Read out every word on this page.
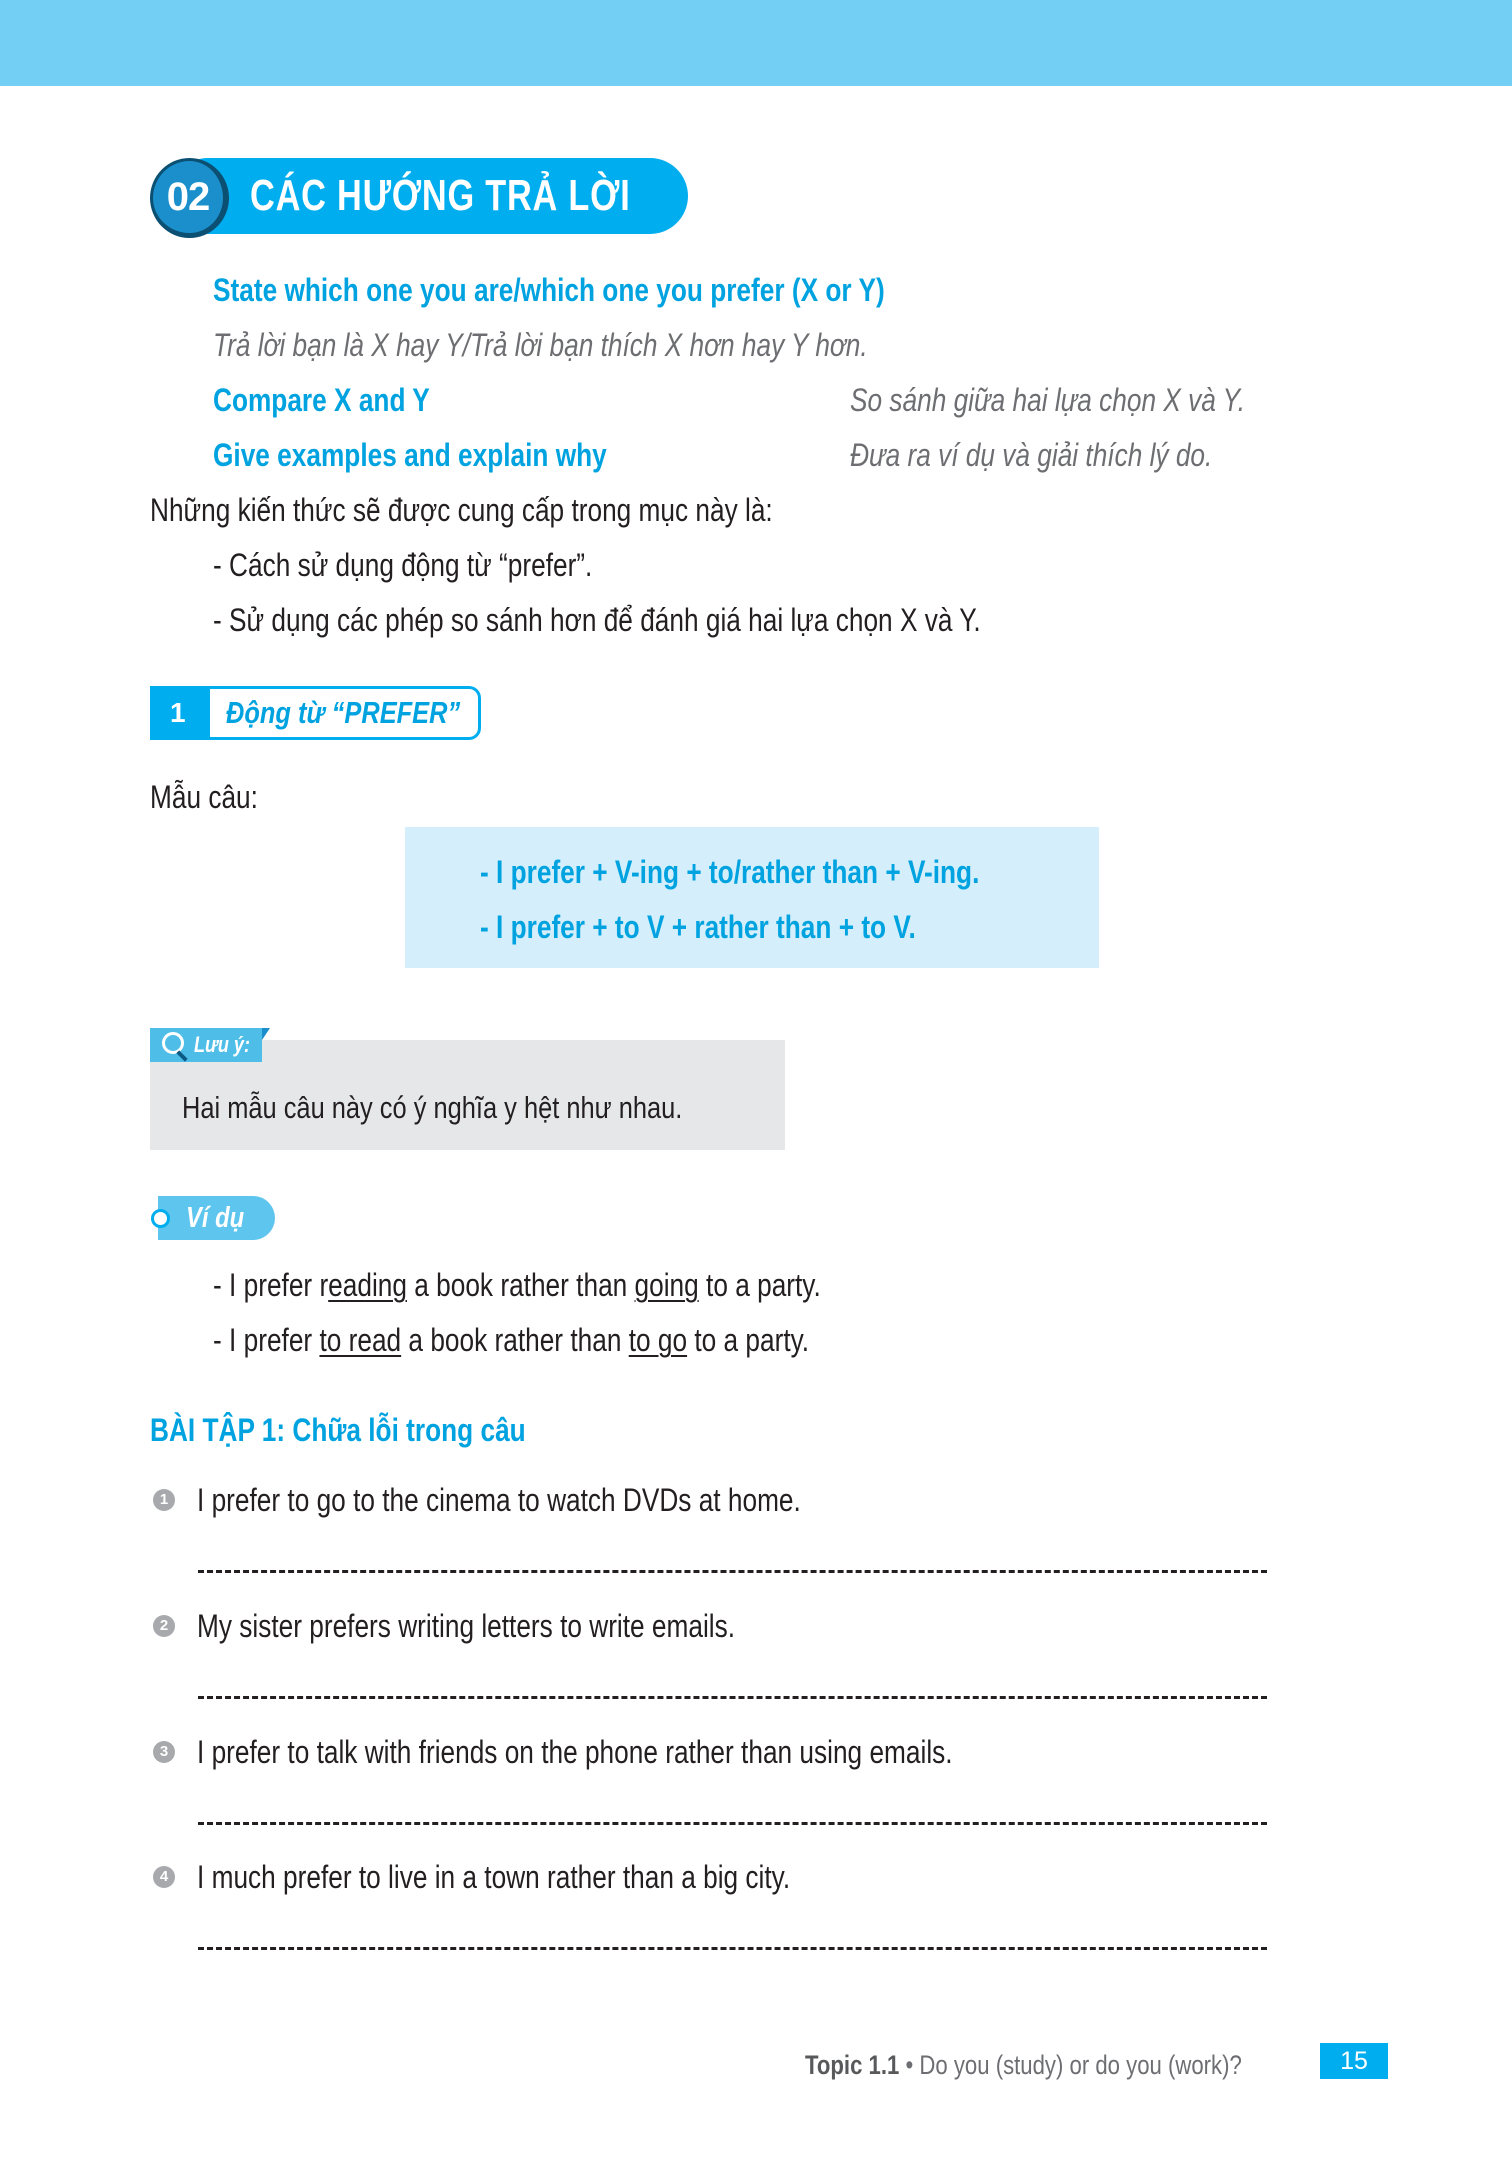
02 CÁC HƯỚNG TRẢ LỜI
State which one you are/which one you prefer (X or Y)
Trả lời bạn là X hay Y/Trả lời bạn thích X hơn hay Y hơn.
Compare X and Y	So sánh giữa hai lựa chọn X và Y.
Give examples and explain why	Đưa ra ví dụ và giải thích lý do.
Những kiến thức sẽ được cung cấp trong mục này là:
- Cách sử dụng động từ “prefer”.
- Sử dụng các phép so sánh hơn để đánh giá hai lựa chọn X và Y.
1	Động từ “PREFER”
Mẫu câu:
- I prefer + V-ing + to/rather than + V-ing.
- I prefer + to V + rather than + to V.
Hai mẫu câu này có ý nghĩa y hệt như nhau.
Lưu ý:
Ví dụ
- I prefer reading a book rather than going to a party.
- I prefer to read a book rather than to go to a party.
BÀI TẬP 1: Chữa lỗi trong câu
1 I prefer to go to the cinema to watch DVDs at home.
2 My sister prefers writing letters to write emails.
3 I prefer to talk with friends on the phone rather than using emails.
4 I much prefer to live in a town rather than a big city.
Topic 1.1 • Do you (study) or do you (work)?	15
